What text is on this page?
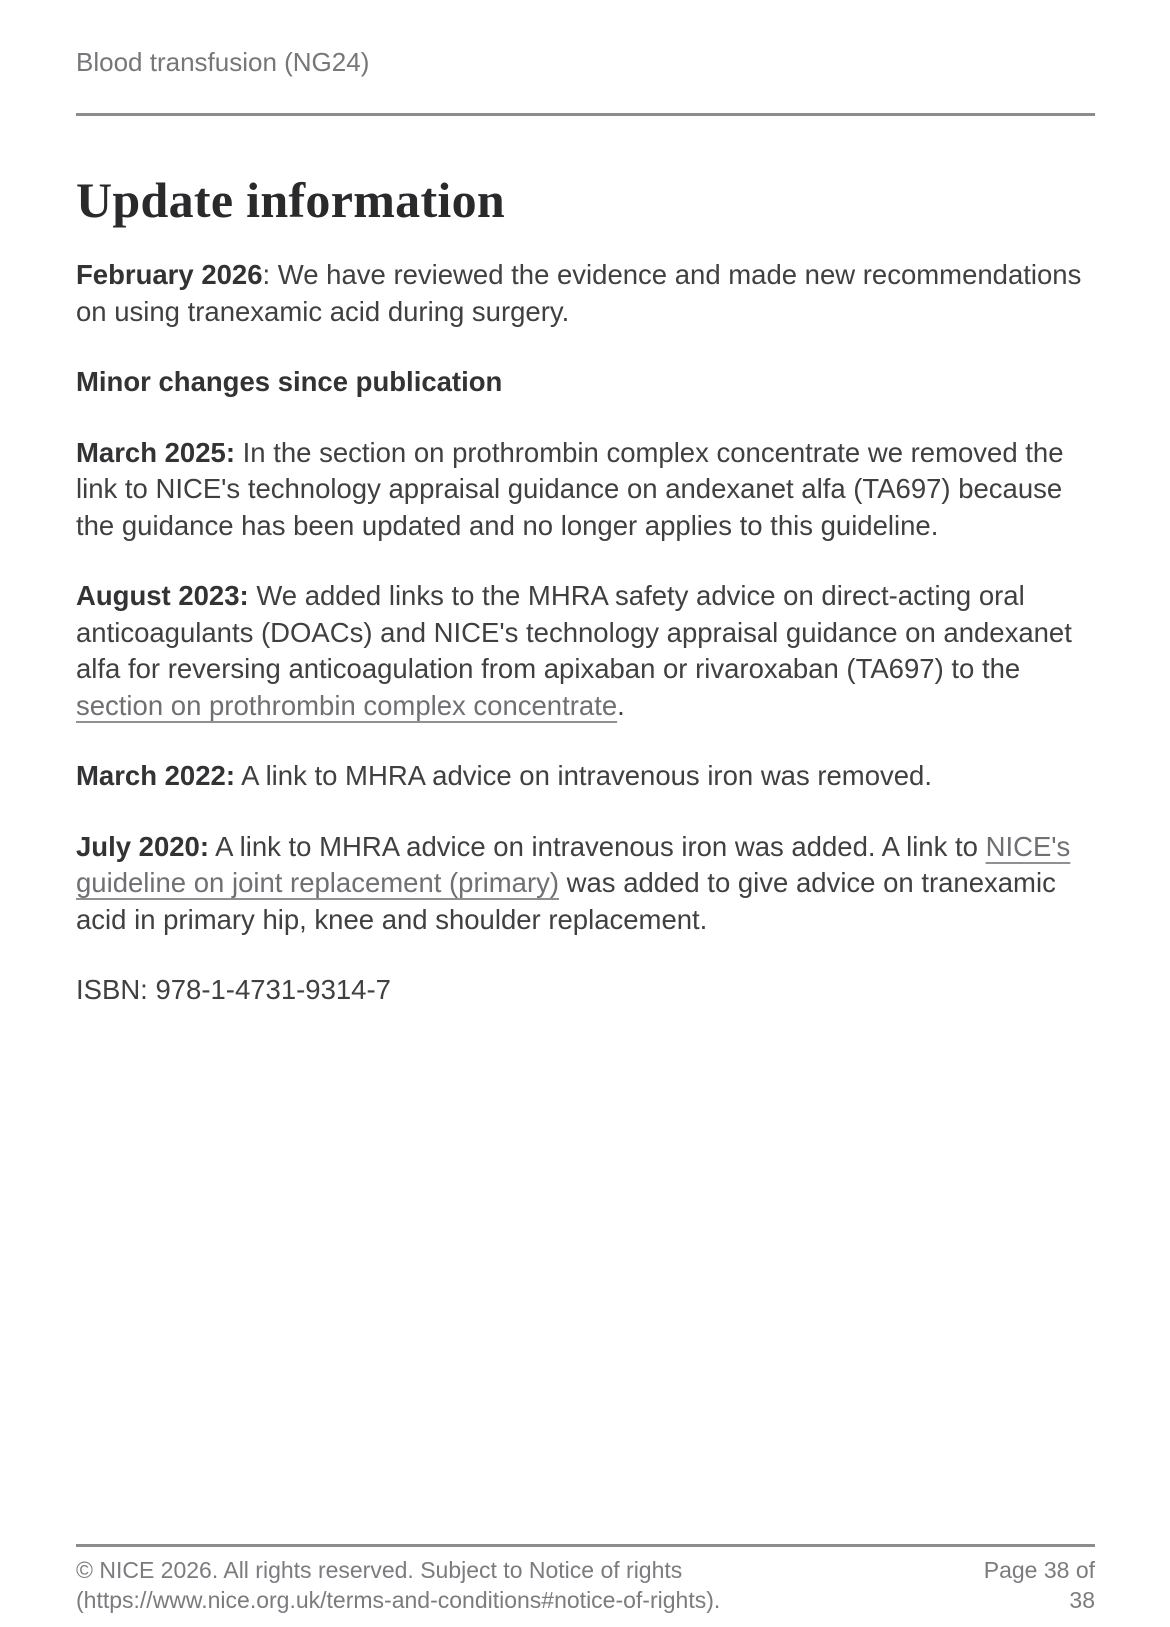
Blood transfusion (NG24)
Update information

February 2026: We have reviewed the evidence and made new recommendations on using tranexamic acid during surgery.

Minor changes since publication

March 2025: In the section on prothrombin complex concentrate we removed the link to NICE's technology appraisal guidance on andexanet alfa (TA697) because the guidance has been updated and no longer applies to this guideline.

August 2023: We added links to the MHRA safety advice on direct-acting oral anticoagulants (DOACs) and NICE's technology appraisal guidance on andexanet alfa for reversing anticoagulation from apixaban or rivaroxaban (TA697) to the section on prothrombin complex concentrate.

March 2022: A link to MHRA advice on intravenous iron was removed.

July 2020: A link to MHRA advice on intravenous iron was added. A link to NICE's guideline on joint replacement (primary) was added to give advice on tranexamic acid in primary hip, knee and shoulder replacement.

ISBN: 978-1-4731-9314-7

© NICE 2026. All rights reserved. Subject to Notice of rights (https://www.nice.org.uk/terms-and-conditions#notice-of-rights).
Page 38 of 38
